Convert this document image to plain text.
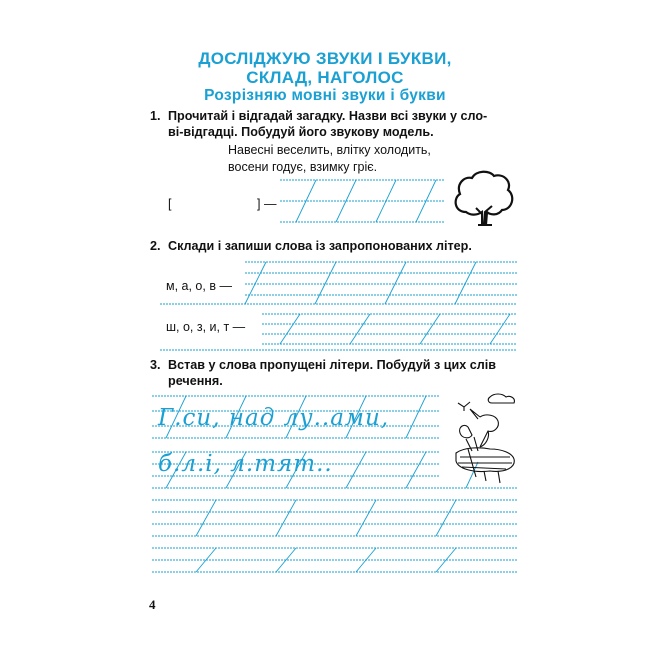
ДОСЛІДЖУЮ ЗВУКИ І БУКВИ,
СКЛАД, НАГОЛОС
Розрізняю мовні звуки і букви
1. Прочитай і відгадай загадку. Назви всі звуки у сло-
ві-відгадці. Побудуй його звукову модель.
Навесні веселить, влітку холодить,
восени годує, взимку гріє.
[	] —
2. Склади і запиши слова із запропонованих літер.
м, а, о, в —
ш, о, з, и, т —
3. Встав у слова пропущені літери. Побудуй з цих слів
речення.
Г.си, над лу..ами,
б.л.і, л.тят..
4
